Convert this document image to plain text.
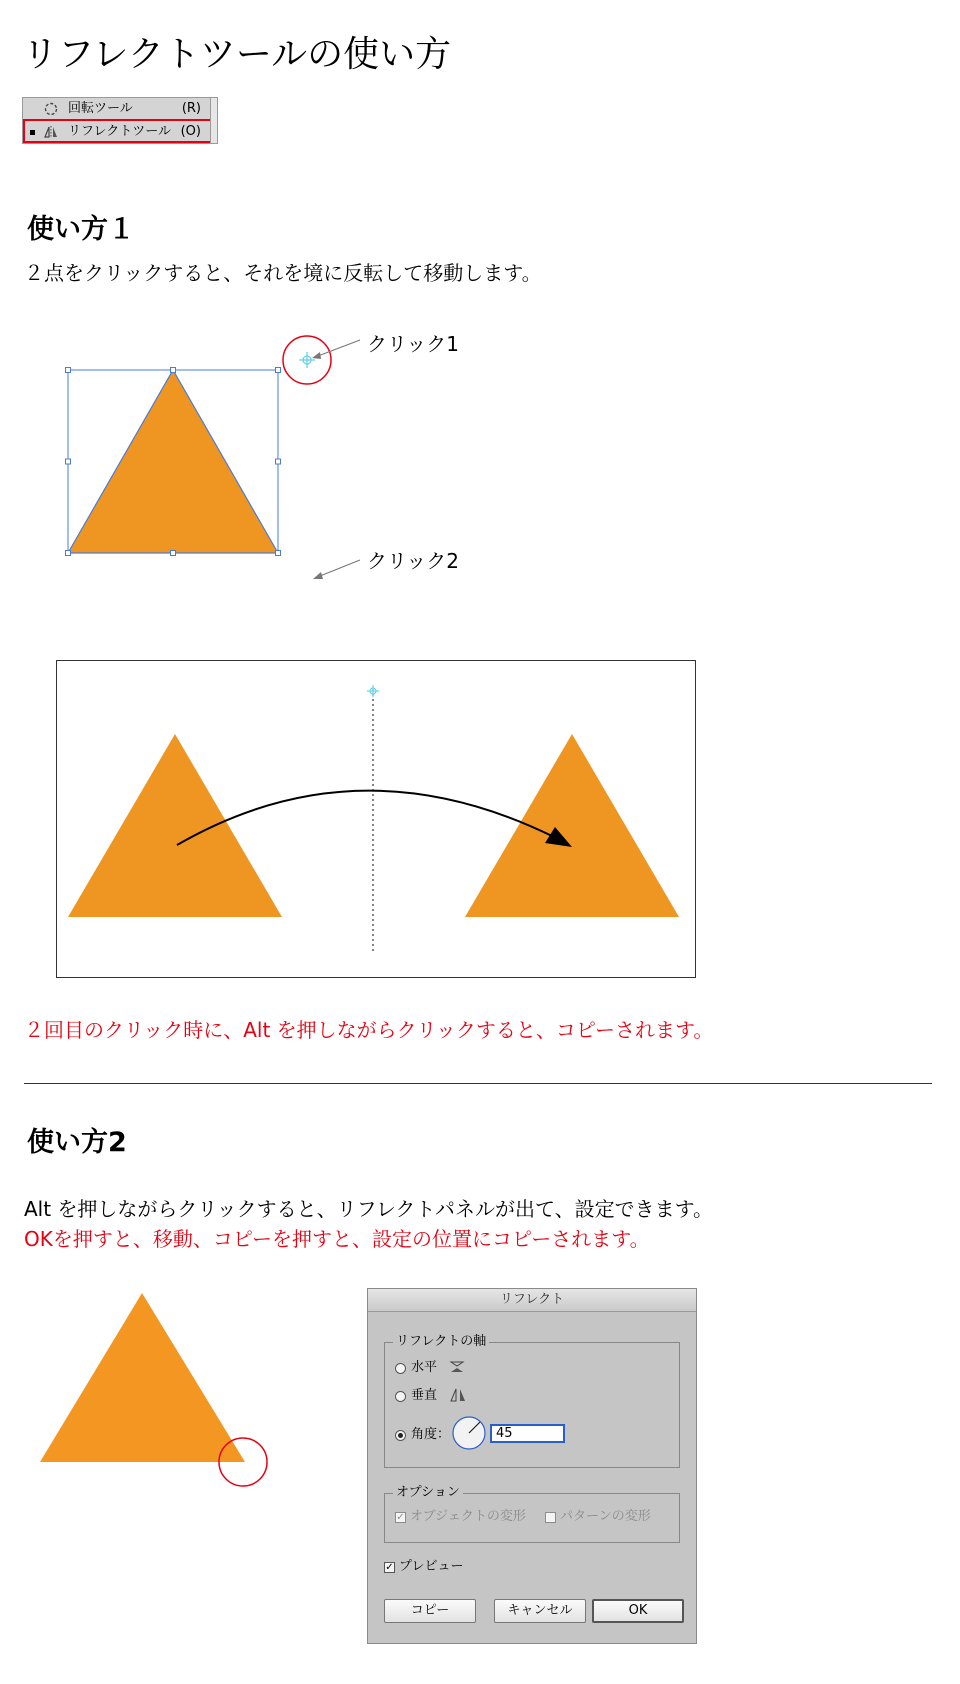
リフレクトツールの使い方
回転ツール	(R)
リフレクトツール (O)
使い方１
２点をクリックすると、それを境に反転して移動します。
クリック1
クリック2
２回目のクリック時に、Alt を押しながらクリックすると、コピーされます。
使い方2
Alt を押しながらクリックすると、リフレクトパネルが出て、設定できます。
OKを押すと、移動、コピーを押すと、設定の位置にコピーされます。
リフレクト
リフレクトの軸
水平
垂直
角度：	45
オプション
✓ オブジェクトの変形	パターンの変形
✓ プレビュー
コピー	キャンセル	OK
